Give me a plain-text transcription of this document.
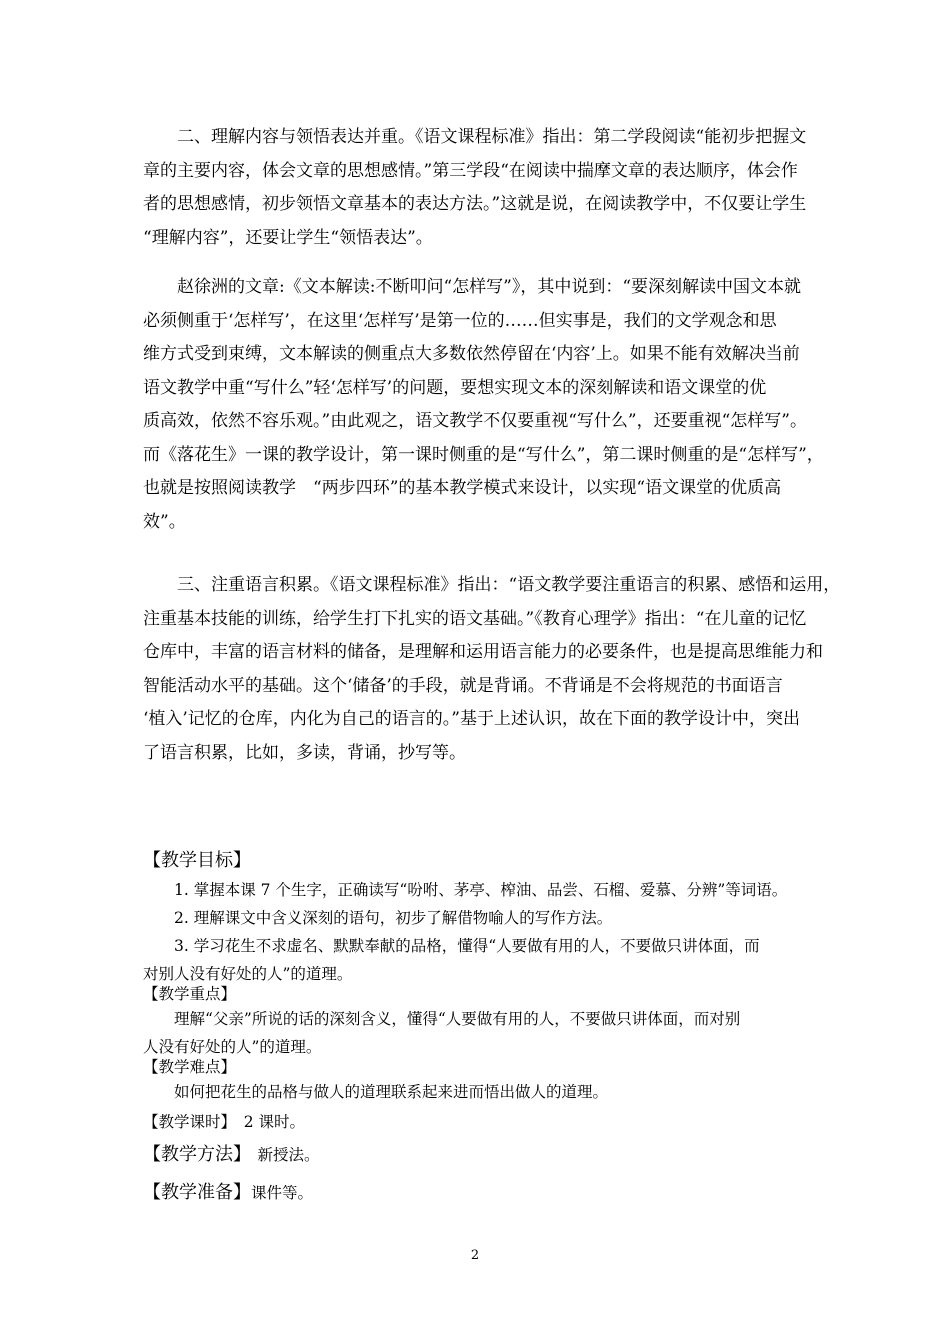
　　二、理解内容与领悟表达并重。《语文课程标准》指出：第二学段阅读“能初步把握文
章的主要内容，体会文章的思想感情。”第三学段“在阅读中揣摩文章的表达顺序，体会作
者的思想感情，初步领悟文章基本的表达方法。”这就是说，在阅读教学中，不仅要让学生
“理解内容”，还要让学生“领悟表达”。
　　赵徐洲的文章:《文本解读:不断叩问“怎样写”》，其中说到：“要深刻解读中国文本就
必须侧重于‘怎样写’，在这里‘怎样写’是第一位的……但实事是，我们的文学观念和思
维方式受到束缚，文本解读的侧重点大多数依然停留在‘内容’上。如果不能有效解决当前
语文教学中重“写什么”轻‘怎样写’的问题，要想实现文本的深刻解读和语文课堂的优
质高效，依然不容乐观。”由此观之，语文教学不仅要重视“写什么”，还要重视“怎样写”。
而《落花生》一课的教学设计，第一课时侧重的是“写什么”，第二课时侧重的是“怎样写”，
也就是按照阅读教学　“两步四环”的基本教学模式来设计，以实现“语文课堂的优质高
效”。
　　三、注重语言积累。《语文课程标准》指出：“语文教学要注重语言的积累、感悟和运用，
注重基本技能的训练，给学生打下扎实的语文基础。”《教育心理学》指出：“在儿童的记忆
仓库中，丰富的语言材料的储备，是理解和运用语言能力的必要条件，也是提高思维能力和
智能活动水平的基础。这个‘储备’的手段，就是背诵。不背诵是不会将规范的书面语言
‘植入’记忆的仓库，内化为自己的语言的。”基于上述认识，故在下面的教学设计中，突出
了语言积累，比如，多读，背诵，抄写等。
【教学目标】
　　1. 掌握本课 7 个生字，正确读写“吩咐、茅亭、榨油、品尝、石榴、爱慕、分辨”等词语。
　　2. 理解课文中含义深刻的语句，初步了解借物喻人的写作方法。
　　3. 学习花生不求虚名、默默奉献的品格，懂得“人要做有用的人，不要做只讲体面，而
对别人没有好处的人”的道理。
【教学重点】
　　理解“父亲”所说的话的深刻含义，懂得“人要做有用的人，不要做只讲体面，而对别
人没有好处的人”的道理。
【教学难点】
　　如何把花生的品格与做人的道理联系起来进而悟出做人的道理。
【教学课时】　2 课时。
【教学方法】　新授法。
【教学准备】课件等。
2
